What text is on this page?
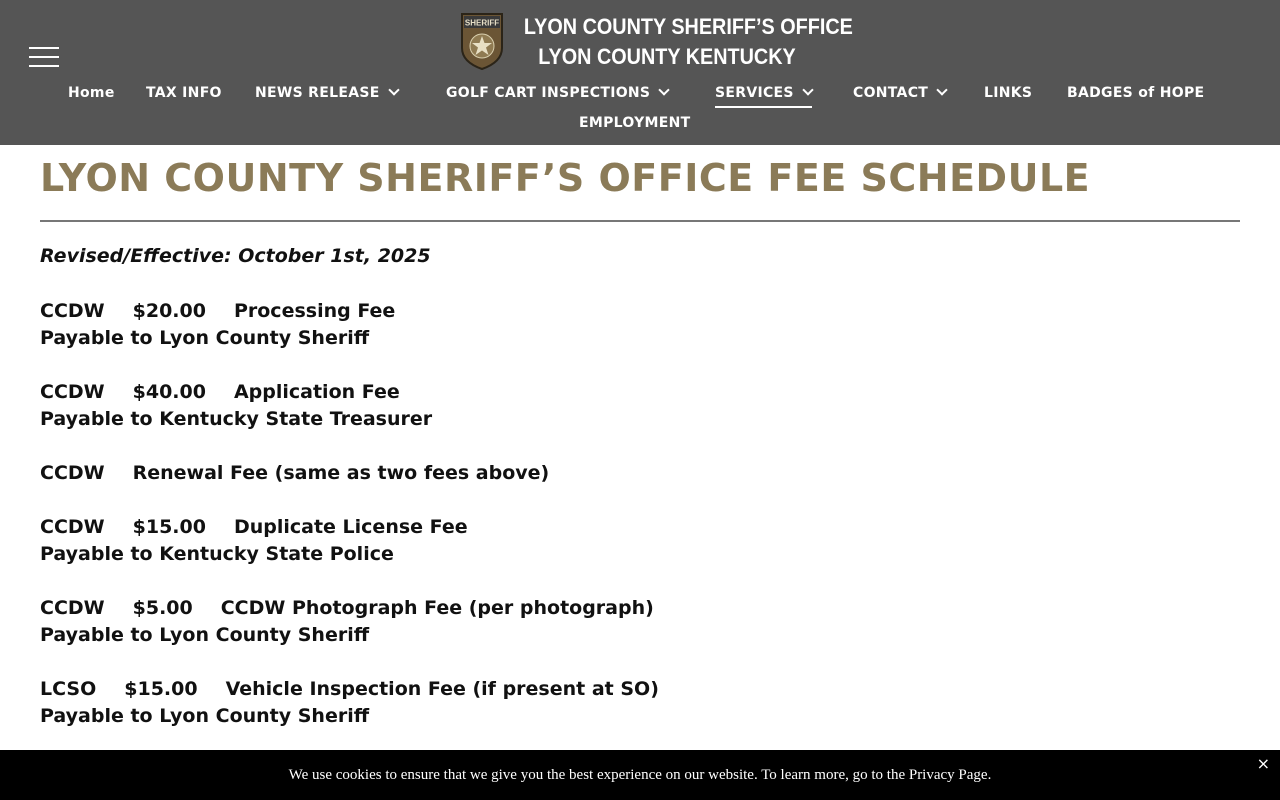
SHERIFF LYON COUNTY SHERIFF’S OFFICE
LYON COUNTY KENTUCKY
Home TAX INFO NEWS RELEASE	GOLF CART INSPECTIONS	SERVICES	CONTACT	LINKS BADGES of HOPE
EMPLOYMENT
LYON COUNTY SHERIFF’S OFFICE FEE SCHEDULE
Revised/Effective: October 1st, 2025
CCDW $20.00 Processing Fee
Payable to Lyon County Sheriff
CCDW $40.00 Application Fee
Payable to Kentucky State Treasurer
CCDW Renewal Fee (same as two fees above)
CCDW $15.00 Duplicate License Fee
Payable to Kentucky State Police
CCDW $5.00 CCDW Photograph Fee (per photograph)
Payable to Lyon County Sheriff
LCSO $15.00 Vehicle Inspection Fee (if present at SO)
Payable to Lyon County Sheriff
We use cookies to ensure that we give you the best experience on our website. To learn more, go to the Privacy Page.
×
